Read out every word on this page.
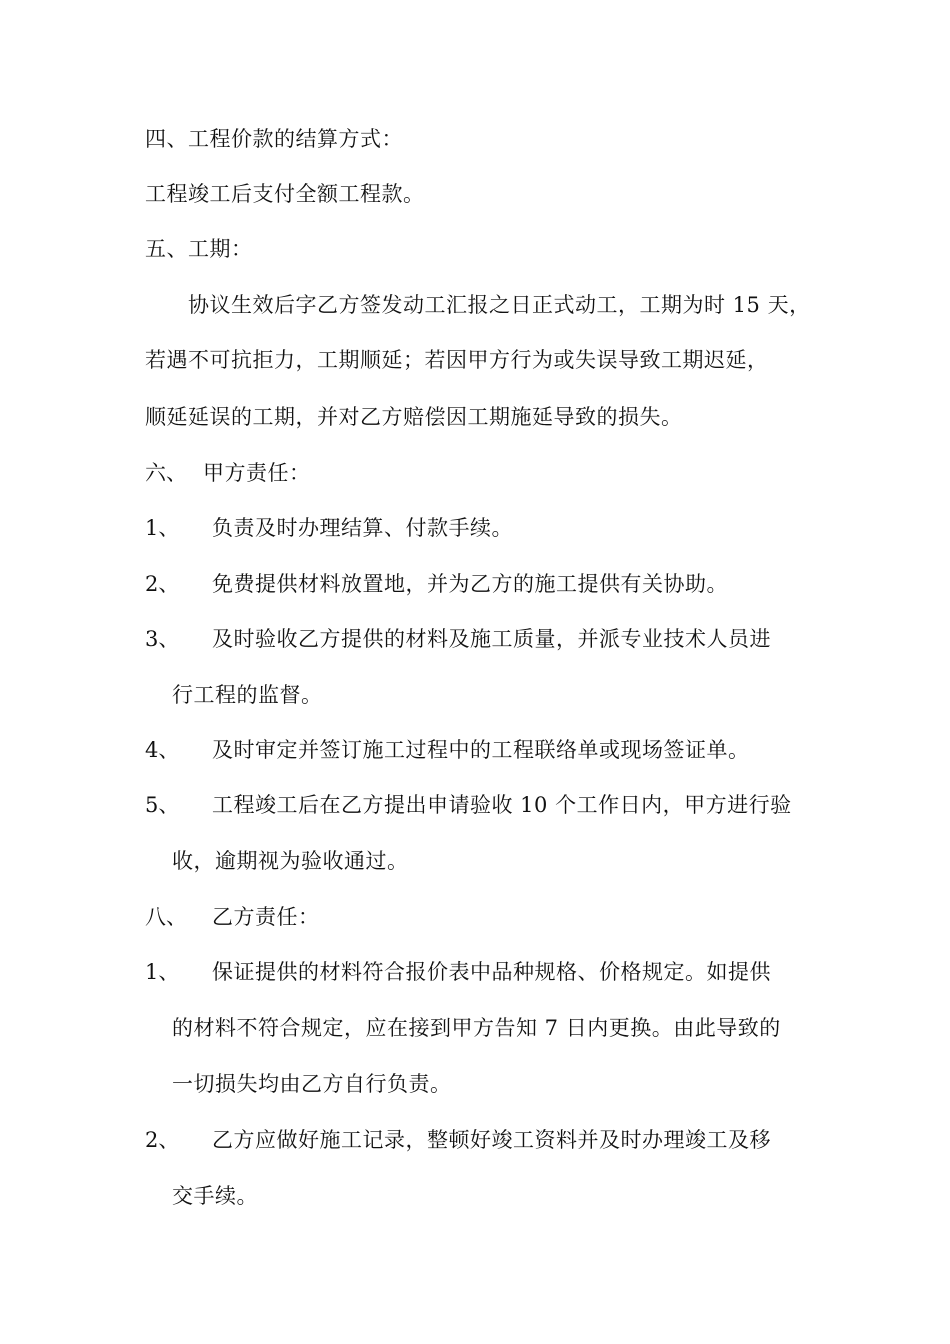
四、工程价款的结算方式：
工程竣工后支付全额工程款。
五、工期：
协议生效后字乙方签发动工汇报之日正式动工，工期为时 15 天，
若遇不可抗拒力，工期顺延；若因甲方行为或失误导致工期迟延，
顺延延误的工期，并对乙方赔偿因工期施延导致的损失。
六、 甲方责任：
1、 负责及时办理结算、付款手续。
2、 免费提供材料放置地，并为乙方的施工提供有关协助。
3、 及时验收乙方提供的材料及施工质量，并派专业技术人员进
行工程的监督。
4、 及时审定并签订施工过程中的工程联络单或现场签证单。
5、 工程竣工后在乙方提出申请验收 10 个工作日内，甲方进行验
收，逾期视为验收通过。
八、 乙方责任：
1、 保证提供的材料符合报价表中品种规格、价格规定。如提供
的材料不符合规定，应在接到甲方告知 7 日内更换。由此导致的
一切损失均由乙方自行负责。
2、 乙方应做好施工记录，整顿好竣工资料并及时办理竣工及移
交手续。
